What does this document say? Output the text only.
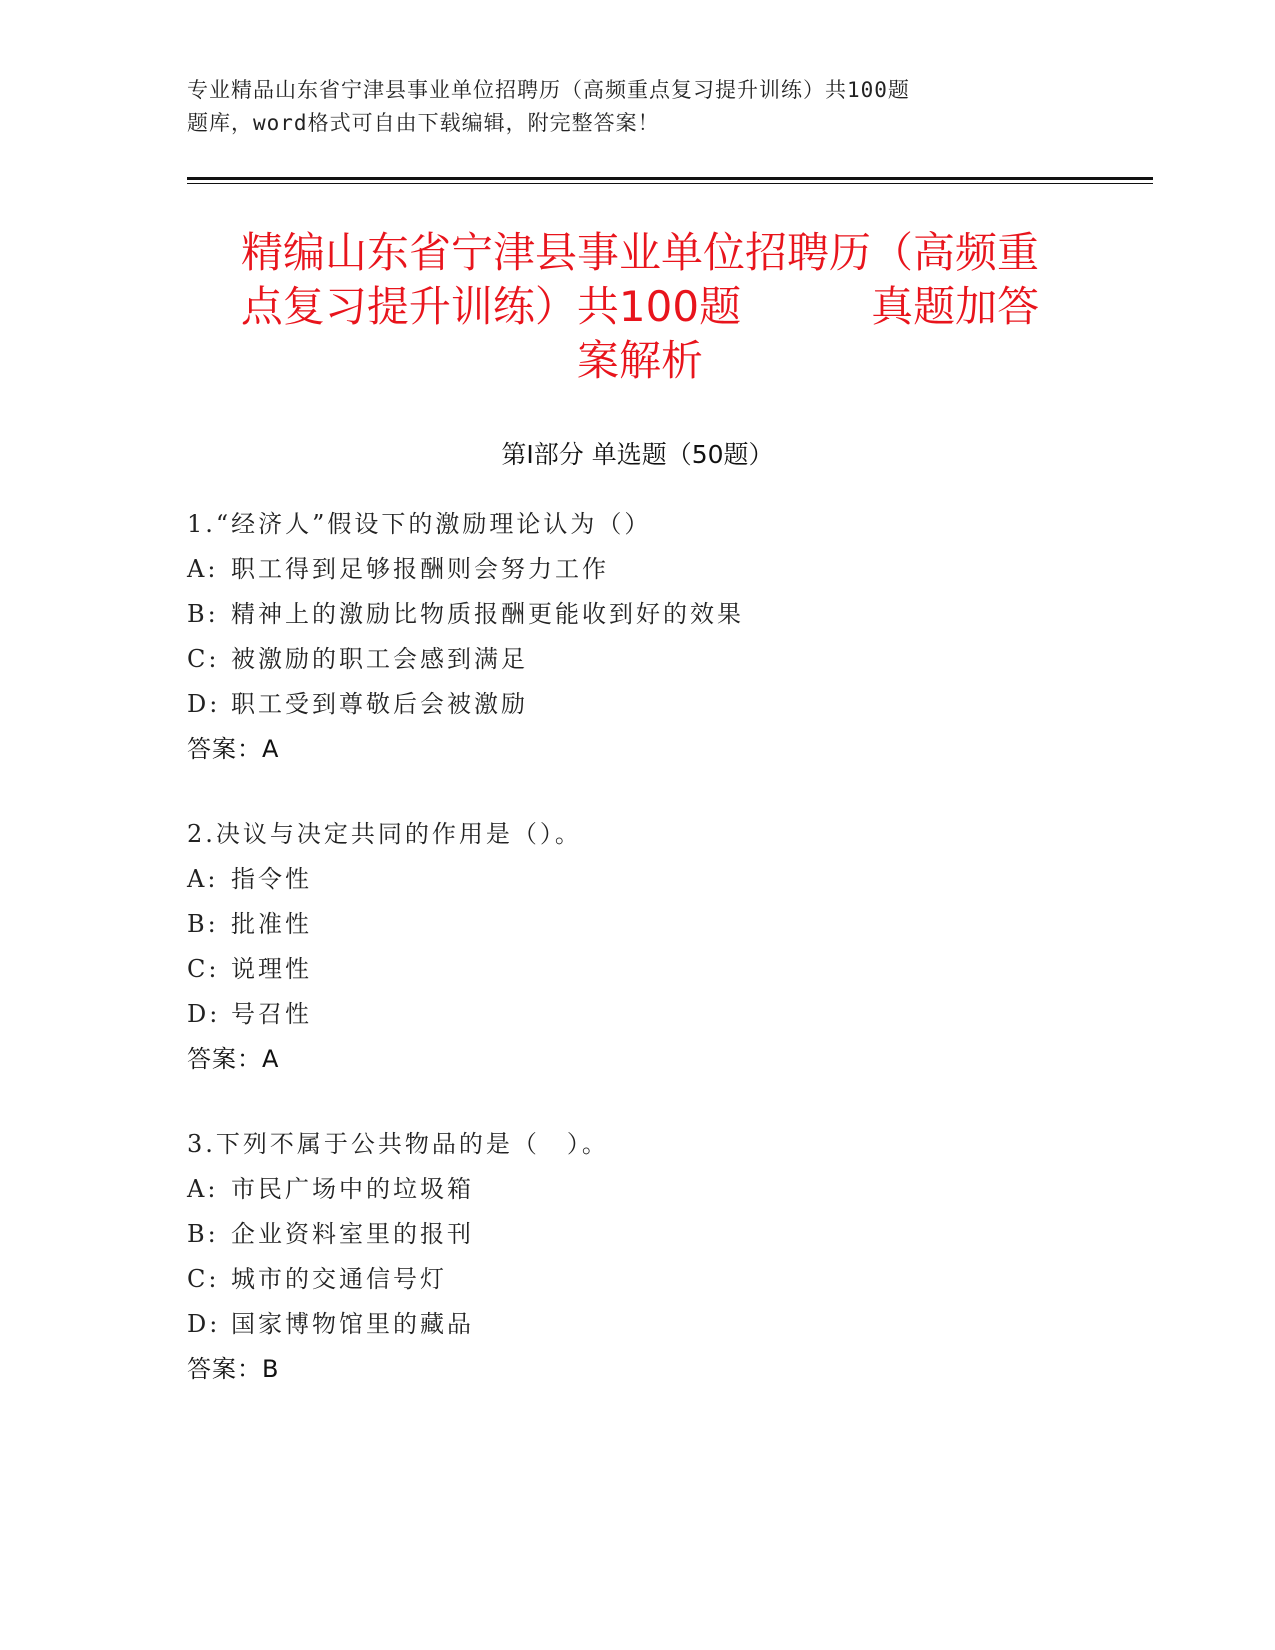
专业精品山东省宁津县事业单位招聘历（高频重点复习提升训练）共100题
题库，word格式可自由下载编辑，附完整答案！
精编山东省宁津县事业单位招聘历（高频重
点复习提升训练）共100题	真题加答
案解析
第Ⅰ部分 单选题（50题）
1.“经济人”假设下的激励理论认为（）
A: 职工得到足够报酬则会努力工作
B: 精神上的激励比物质报酬更能收到好的效果
C: 被激励的职工会感到满足
D: 职工受到尊敬后会被激励
答案：A
2.决议与决定共同的作用是（）。
A: 指令性
B: 批准性
C: 说理性
D: 号召性
答案：A
3.下列不属于公共物品的是（　）。
A: 市民广场中的垃圾箱
B: 企业资料室里的报刊
C: 城市的交通信号灯
D: 国家博物馆里的藏品
答案：B
